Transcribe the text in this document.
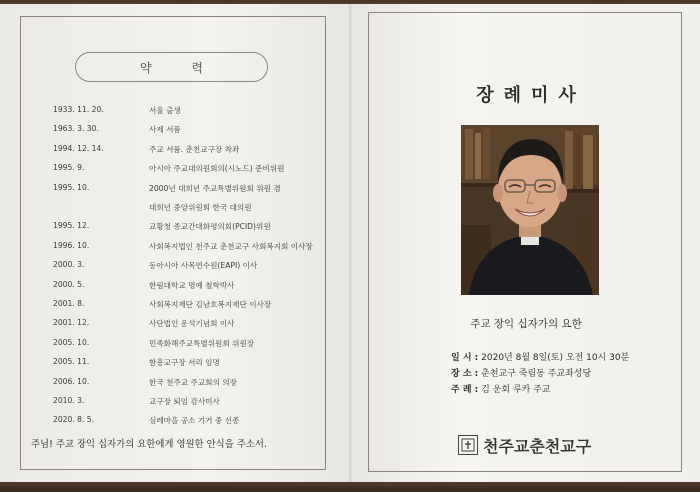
약 력
1933. 11. 20.	서울 출생
1963. 3. 30.	사제 서품
1994. 12. 14.	주교 서품. 춘천교구장 착좌
1995. 9.	아시아 주교대의원회의(시노드) 준비위원
1995. 10.	2000년 대희년 주교특별위원회 위원 겸
대희년 중앙위원회 한국 대의원
1995. 12.	교황청 종교간대화평의회(PCID)위원
1996. 10.	사회복지법인 천주교 춘천교구 사회복지회 이사장
2000. 3.	동아시아 사목연수원(EAPI) 이사
2000. 5.	한림대학교 명예 철학박사
2001. 8.	사회복지재단 김남호복지재단 이사장
2001. 12.	사단법인 운석기념회 이사
2005. 10.	민족화해주교특별위원회 위원장
2005. 11.	함흥교구장 서리 임명
2006. 10.	한국 천주교 주교회의 의장
2010. 3.	교구장 퇴임 감사미사
2020. 8. 5.	심레마을 공소 기거 중 선종
주님! 주교 장익 십자가의 요한에게 영원한 안식을 주소서.
장례미사
주교 장익 십자가의 요한
일 시 : 2020년 8월 8일(토) 오전 10시 30분
장 소 : 춘천교구 죽림동 주교좌성당
주 례 : 김 운회 루카 주교
천주교춘천교구
